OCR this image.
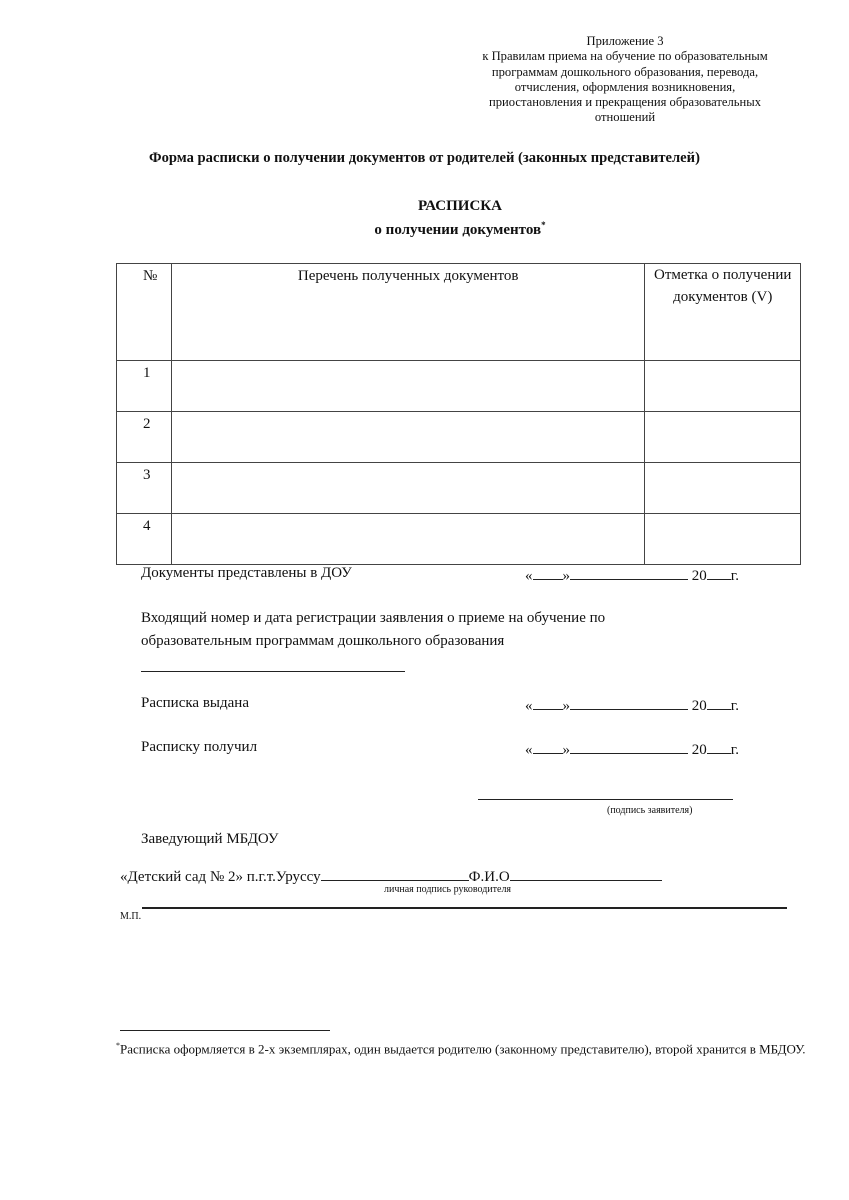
Приложение 3
к Правилам приема на обучение по образовательным
программам дошкольного образования, перевода,
отчисления, оформления возникновения,
приостановления и прекращения образовательных
отношений
Форма расписки о получении документов от родителей (законных представителей)
РАСПИСКА
о получении документов*
№	Перечень полученных документов	Отметка о получении документов (V)
1		
2		
3		
4		
Документы представлены в ДОУ	« »	20 г.
Входящий номер и дата регистрации заявления о приеме на обучение по
образовательным программам дошкольного образования
Расписка выдана	« »	20 г.
Расписку получил	« »	20 г.
(подпись заявителя)
Заведующий МБДОУ
«Детский сад № 2» п.г.т.Уруссу	Ф.И.О
личная подпись руководителя
М.П.
*Расписка оформляется в 2-х экземплярах, один выдается родителю (законному представителю), второй хранится в МБДОУ.
